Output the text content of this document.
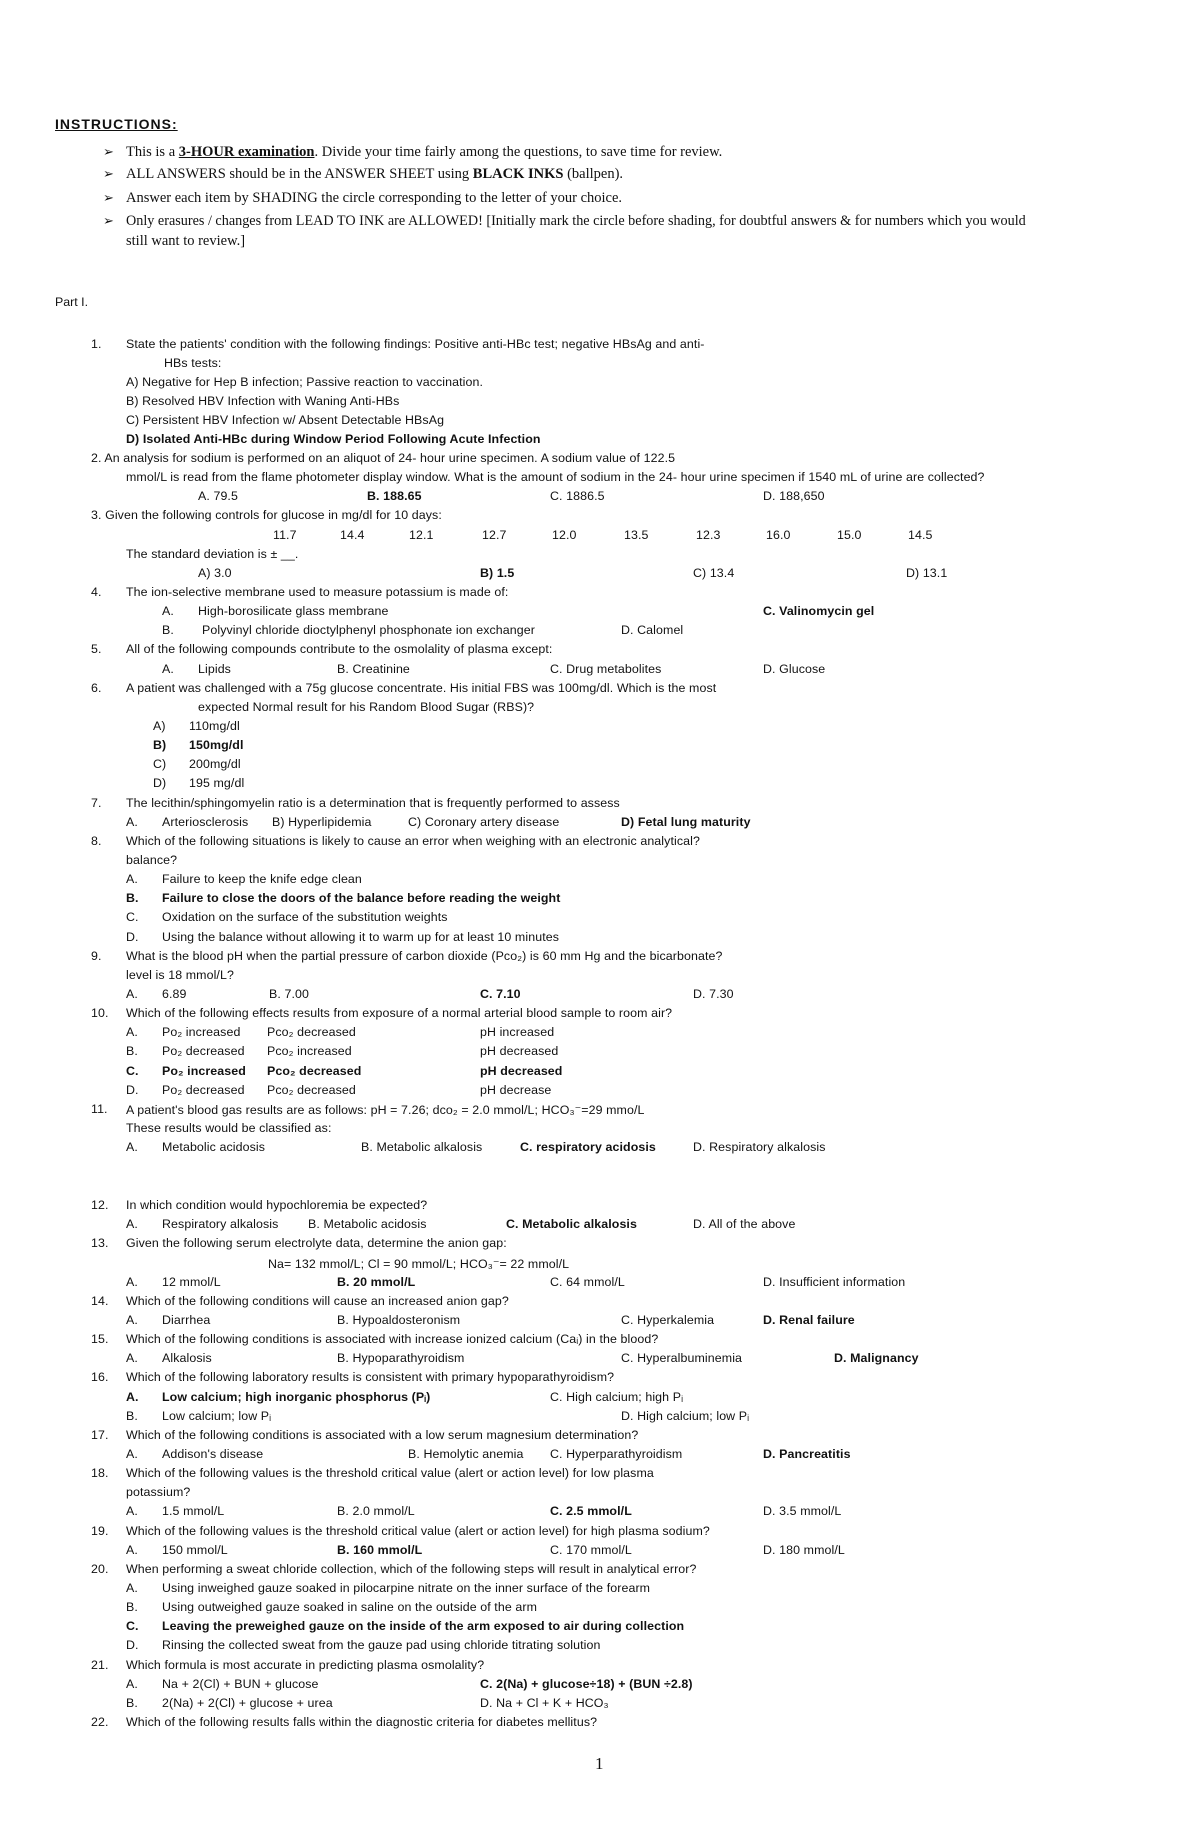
INSTRUCTIONS:
➢ This is a 3-HOUR examination. Divide your time fairly among the questions, to save time for review.
➢ ALL ANSWERS should be in the ANSWER SHEET using BLACK INKS (ballpen).
➢ Answer each item by SHADING the circle corresponding to the letter of your choice.
➢ Only erasures / changes from LEAD TO INK are ALLOWED! [Initially mark the circle before shading, for doubtful answers & for numbers which you would
still want to review.]
Part I.
1. State the patients' condition with the following findings: Positive anti-HBc test; negative HBsAg and anti-
HBs tests:
A) Negative for Hep B infection; Passive reaction to vaccination.
B) Resolved HBV Infection with Waning Anti-HBs
C) Persistent HBV Infection w/ Absent Detectable HBsAg
D) Isolated Anti-HBc during Window Period Following Acute Infection
2. An analysis for sodium is performed on an aliquot of 24- hour urine specimen. A sodium value of 122.5
mmol/L is read from the flame photometer display window. What is the amount of sodium in the 24- hour urine specimen if 1540 mL of urine are collected?
A. 79.5	B. 188.65	C. 1886.5	D. 188,650
3. Given the following controls for glucose in mg/dl for 10 days:
11.7	14.4	12.1	12.7	12.0	13.5	12.3	16.0	15.0	14.5
The standard deviation is ± __.
A) 3.0	B) 1.5	C) 13.4	D) 13.1
4. The ion-selective membrane used to measure potassium is made of:
A. High-borosilicate glass membrane	C. Valinomycin gel
B. Polyvinyl chloride dioctylphenyl phosphonate ion exchanger	D. Calomel
5. All of the following compounds contribute to the osmolality of plasma except:
A. Lipids	B. Creatinine	C. Drug metabolites	D. Glucose
6. A patient was challenged with a 75g glucose concentrate. His initial FBS was 100mg/dl. Which is the most
expected Normal result for his Random Blood Sugar (RBS)?
A) 110mg/dl
B) 150mg/dl
C) 200mg/dl
D) 195 mg/dl
7. The lecithin/sphingomyelin ratio is a determination that is frequently performed to assess
A. Arteriosclerosis B) Hyperlipidemia	C) Coronary artery disease	D) Fetal lung maturity
8. Which of the following situations is likely to cause an error when weighing with an electronic analytical?
balance?
A. Failure to keep the knife edge clean
B. Failure to close the doors of the balance before reading the weight
C. Oxidation on the surface of the substitution weights
D. Using the balance without allowing it to warm up for at least 10 minutes
9. What is the blood pH when the partial pressure of carbon dioxide (Pco₂) is 60 mm Hg and the bicarbonate?
level is 18 mmol/L?
A. 6.89	B. 7.00	C. 7.10	D. 7.30
10. Which of the following effects results from exposure of a normal arterial blood sample to room air?
A. Po₂ increased Pco₂ decreased	pH increased
B. Po₂ decreased Pco₂ increased	pH decreased
C. Po₂ increased Pco₂ decreased	pH decreased
D. Po₂ decreased Pco₂ decreased	pH decrease
11. A patient's blood gas results are as follows: pH = 7.26; dco₂ = 2.0 mmol/L; HCO₃⁻=29 mmo/L
These results would be classified as:
A. Metabolic acidosis	B. Metabolic alkalosis	C. respiratory acidosis	D. Respiratory alkalosis
12. In which condition would hypochloremia be expected?
A. Respiratory alkalosis B. Metabolic acidosis	C. Metabolic alkalosis	D. All of the above
13. Given the following serum electrolyte data, determine the anion gap:
Na= 132 mmol/L; Cl = 90 mmol/L; HCO₃⁻= 22 mmol/L
A. 12 mmol/L	B. 20 mmol/L	C. 64 mmol/L	D. Insufficient information
14. Which of the following conditions will cause an increased anion gap?
A. Diarrhea	B. Hypoaldosteronism	C. Hyperkalemia	D. Renal failure
15. Which of the following conditions is associated with increase ionized calcium (Caᵢ) in the blood?
A. Alkalosis	B. Hypoparathyroidism	C. Hyperalbuminemia	D. Malignancy
16. Which of the following laboratory results is consistent with primary hypoparathyroidism?
A. Low calcium; high inorganic phosphorus (Pᵢ)	C. High calcium; high Pᵢ
B. Low calcium; low Pᵢ	D. High calcium; low Pᵢ
17. Which of the following conditions is associated with a low serum magnesium determination?
A. Addison's disease	B. Hemolytic anemia C. Hyperparathyroidism	D. Pancreatitis
18. Which of the following values is the threshold critical value (alert or action level) for low plasma
potassium?
A. 1.5 mmol/L	B. 2.0 mmol/L	C. 2.5 mmol/L	D. 3.5 mmol/L
19. Which of the following values is the threshold critical value (alert or action level) for high plasma sodium?
A. 150 mmol/L	B. 160 mmol/L	C. 170 mmol/L	D. 180 mmol/L
20. When performing a sweat chloride collection, which of the following steps will result in analytical error?
A. Using inweighed gauze soaked in pilocarpine nitrate on the inner surface of the forearm
B. Using outweighed gauze soaked in saline on the outside of the arm
C. Leaving the preweighed gauze on the inside of the arm exposed to air during collection
D. Rinsing the collected sweat from the gauze pad using chloride titrating solution
21. Which formula is most accurate in predicting plasma osmolality?
A. Na + 2(Cl) + BUN + glucose	C. 2(Na) + glucose÷18) + (BUN ÷2.8)
B. 2(Na) + 2(Cl) + glucose + urea	D. Na + Cl + K + HCO₃
22. Which of the following results falls within the diagnostic criteria for diabetes mellitus?
1
